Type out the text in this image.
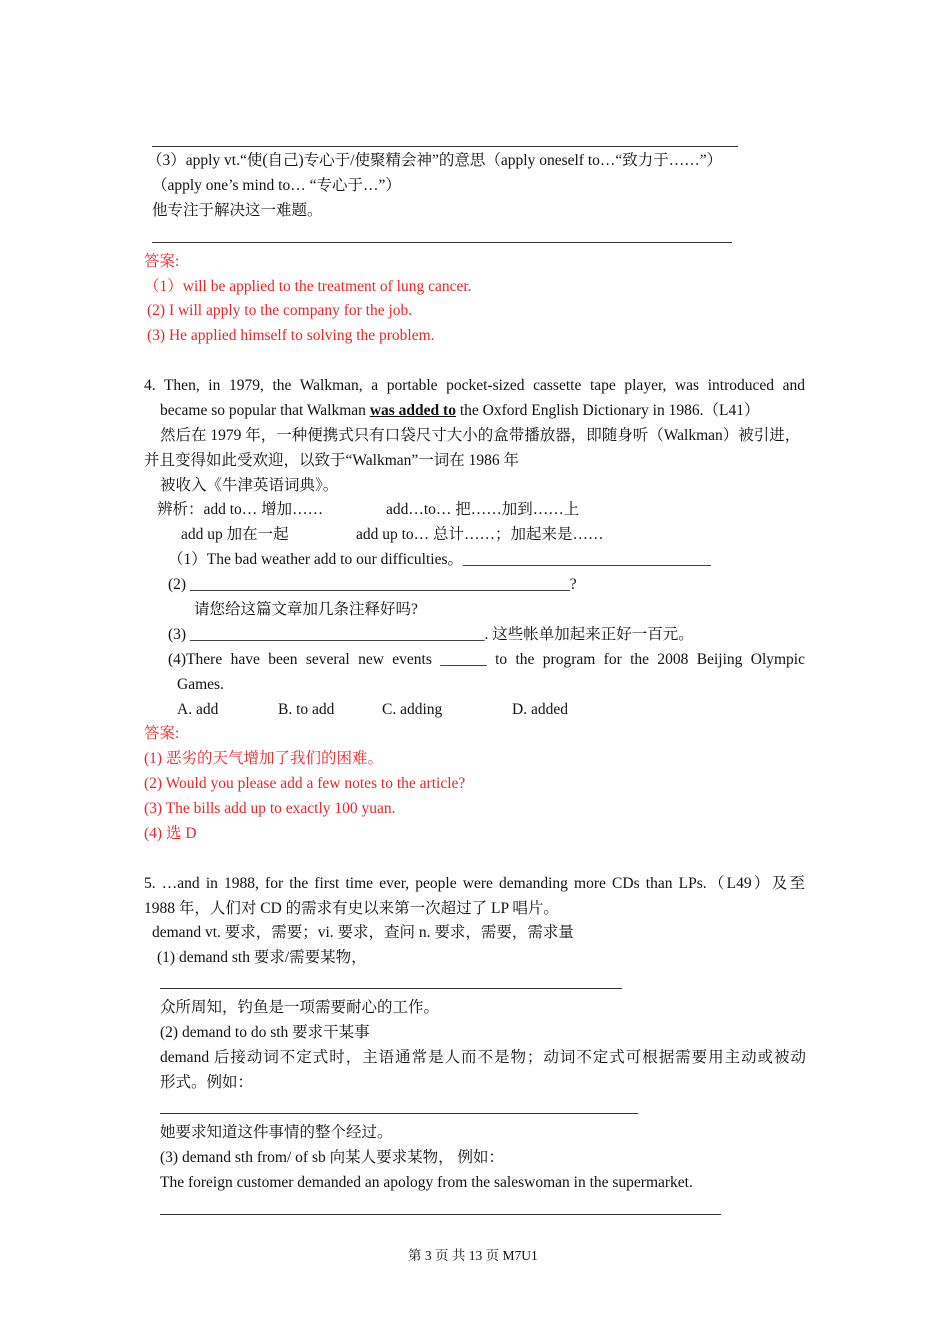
（3）apply vt.“使(自己)专心于/使聚精会神”的意思（apply oneself to…“致力于……”）
（apply one’s mind to… “专心于…”）
他专注于解决这一难题。
答案:
（1）will be applied to the treatment of lung cancer.
(2) I will apply to the company for the job.
(3) He applied himself to solving the problem.
4. Then, in 1979, the Walkman, a portable pocket-sized cassette tape player, was introduced and
became so popular that Walkman was added to the Oxford English Dictionary in 1986.（L41）
然后在 1979 年，一种便携式只有口袋尺寸大小的盒带播放器，即随身听（Walkman）被引进，
并且变得如此受欢迎，以致于“Walkman”一词在 1986 年
被收入《牛津英语词典》。
辨析：add to… 增加……	add…to… 把……加到……上
add up 加在一起	add up to… 总计……；加起来是……
（1）The bad weather add to our difficulties。________________________________
(2) _________________________________________________?
请您给这篇文章加几条注释好吗?
(3) ______________________________________. 这些帐单加起来正好一百元。
(4)There have been several new events ______ to the program for the 2008 Beijing Olympic
Games.
A. add	B. to add	C. adding	D. added
答案:
(1) 恶劣的天气增加了我们的困难。
(2) Would you please add a few notes to the article?
(3) The bills add up to exactly 100 yuan.
(4) 选 D
5. …and in 1988, for the first time ever, people were demanding more CDs than LPs.（L49）及至
1988 年，人们对 CD 的需求有史以来第一次超过了 LP 唱片。
demand vt. 要求，需要；vi. 要求，查问 n. 要求，需要，需求量
(1) demand sth 要求/需要某物，
众所周知，钓鱼是一项需要耐心的工作。
(2) demand to do sth 要求干某事
demand 后接动词不定式时，主语通常是人而不是物；动词不定式可根据需要用主动或被动
形式。例如：
她要求知道这件事情的整个经过。
(3) demand sth from/ of sb 向某人要求某物， 例如：
The foreign customer demanded an apology from the saleswoman in the supermarket.
第 3 页 共 13 页 M7U1
